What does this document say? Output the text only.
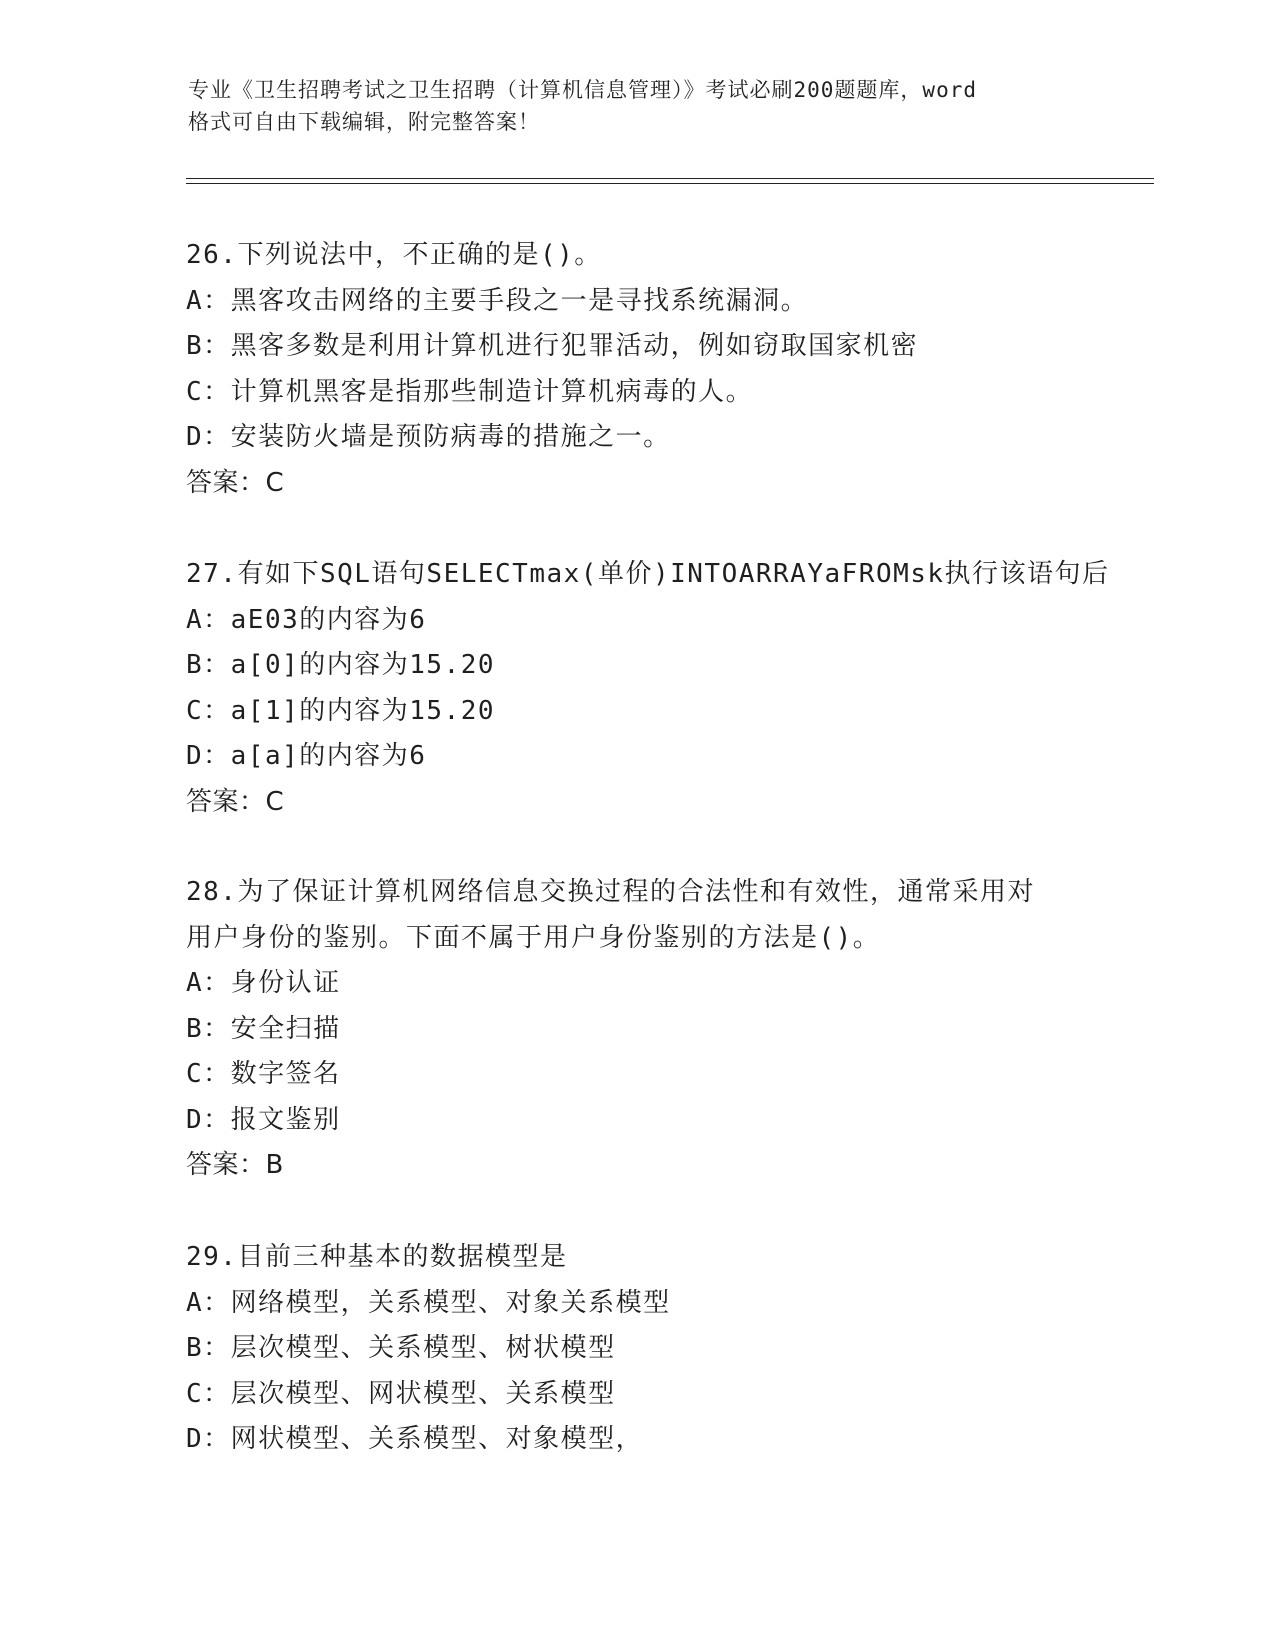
专业《卫生招聘考试之卫生招聘（计算机信息管理）》考试必刷200题题库，word
格式可自由下载编辑，附完整答案！
26.下列说法中，不正确的是()。
A：黑客攻击网络的主要手段之一是寻找系统漏洞。
B：黑客多数是利用计算机进行犯罪活动，例如窃取国家机密
C：计算机黑客是指那些制造计算机病毒的人。
D：安装防火墙是预防病毒的措施之一。
答案：C
27.有如下SQL语句SELECTmax(单价)INTOARRAYaFROMsk执行该语句后
A：aE03的内容为6
B：a[0]的内容为15.20
C：a[1]的内容为15.20
D：a[a]的内容为6
答案：C
28.为了保证计算机网络信息交换过程的合法性和有效性，通常采用对
用户身份的鉴别。下面不属于用户身份鉴别的方法是()。
A：身份认证
B：安全扫描
C：数字签名
D：报文鉴别
答案：B
29.目前三种基本的数据模型是
A：网络模型，关系模型、对象关系模型
B：层次模型、关系模型、树状模型
C：层次模型、网状模型、关系模型
D：网状模型、关系模型、对象模型，
